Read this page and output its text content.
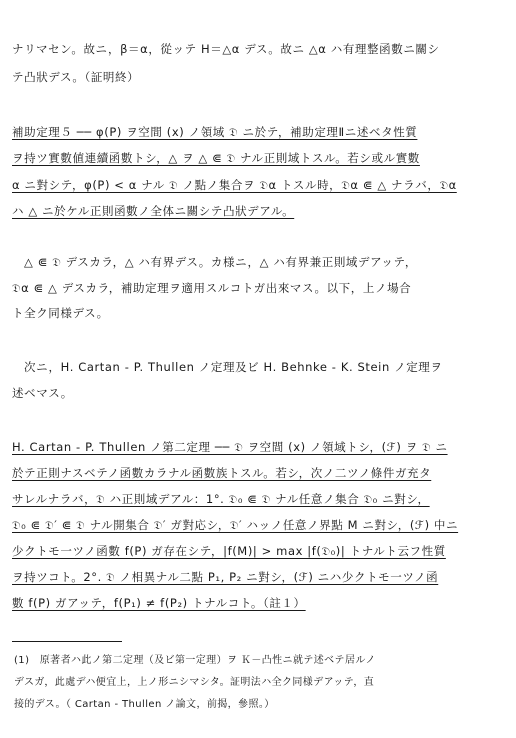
ナリマセン。故ニ，β＝α，從ッテ H＝△α デス。故ニ △α ハ有理整函數ニ關シ
テ凸狀デス。（証明終）
補助定理５ ── φ(P) ヲ空間 (x) ノ領域 𝔇 ニ於テ，補助定理Ⅱニ述ベタ性質
ヲ持ツ實數値連續函數トシ，△ ヲ △ ⋐ 𝔇 ナル正則域トスル。若シ或ル實數
α ニ對シテ，φ(P) < α ナル 𝔇 ノ點ノ集合ヲ 𝔇α トスル時，𝔇α ⋐ △ ナラバ，𝔇α
ハ △ ニ於ケル正則函數ノ全体ニ關シテ凸狀デアル。
△ ⋐ 𝔇 デスカラ，△ ハ有界デス。カ様ニ，△ ハ有界兼正則域デアッテ，
𝔇α ⋐ △ デスカラ，補助定理ヲ適用スルコトガ出來マス。以下，上ノ場合
ト全ク同様デス。
次ニ，H. Cartan - P. Thullen ノ定理及ビ H. Behnke - K. Stein ノ定理ヲ
述ベマス。
H. Cartan - P. Thullen ノ第二定理 ── 𝔇 ヲ空間 (x) ノ領域トシ，(ℱ) ヲ 𝔇 ニ
於テ正則ナスベテノ函數カラナル函數族トスル。若シ，次ノ二ツノ條件ガ充タ
サレルナラバ，𝔇 ハ正則域デアル：1°. 𝔇₀ ⋐ 𝔇 ナル任意ノ集合 𝔇₀ ニ對シ，
𝔇₀ ⋐ 𝔇′ ⋐ 𝔇 ナル開集合 𝔇′ ガ對応シ，𝔇′ ハッノ任意ノ界點 M ニ對シ，(ℱ) 中ニ
少クトモ一ツノ函數 f(P) ガ存在シテ，|f(M)| > max |f(𝔇₀)| トナルト云フ性質
ヲ持ツコト。2°. 𝔇 ノ相異ナル二點 P₁, P₂ ニ對シ，(ℱ) ニハ少クトモ一ツノ函
數 f(P) ガアッテ，f(P₁) ≠ f(P₂) トナルコト。（註１）
(1)　原著者ハ此ノ第二定理（及ビ第一定理）ヲ Ｋ－凸性ニ就テ述ベテ居ルノ
デスガ，此處デハ便宜上，上ノ形ニシマシタ。証明法ハ全ク同様デアッテ，直
接的デス。（ Cartan - Thullen ノ論文，前揭，參照。）
